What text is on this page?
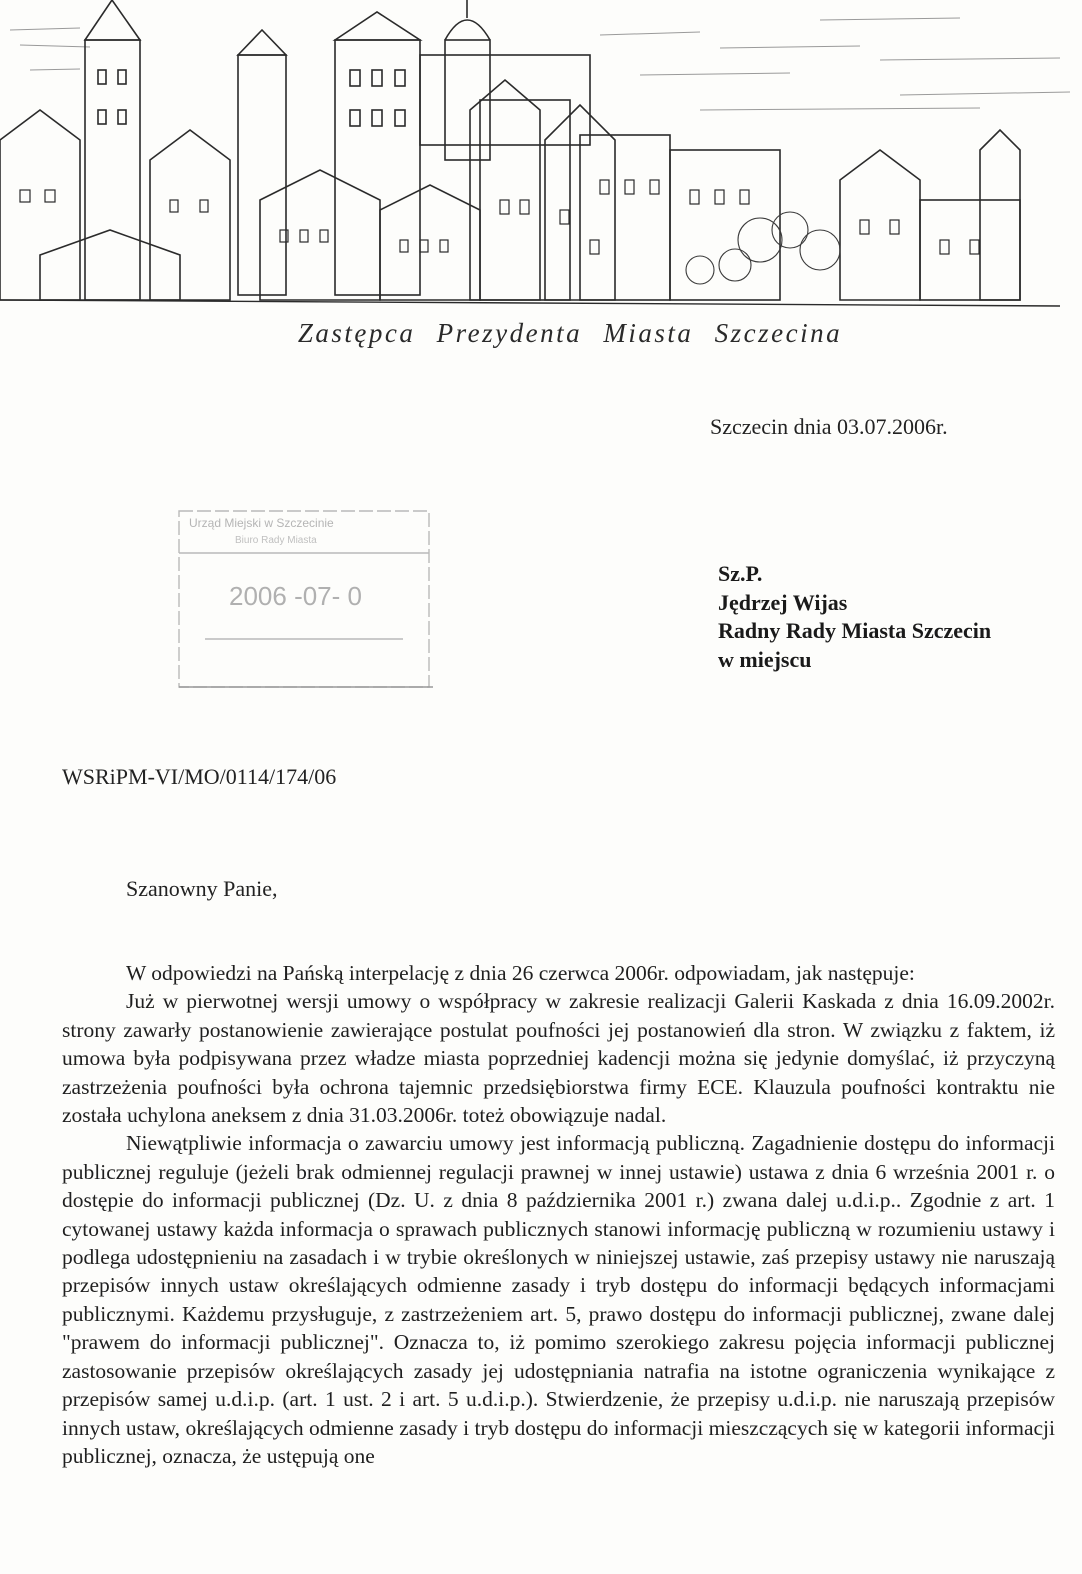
Zastępca Prezydenta Miasta Szczecina
Szczecin dnia 03.07.2006r.
Urząd Miejski w Szczecinie
Biuro Rady Miasta
2006 -07- 0
Sz.P.
Jędrzej Wijas
Radny Rady Miasta Szczecin
w miejscu
WSRiPM-VI/MO/0114/174/06
Szanowny Panie,

W odpowiedzi na Pańską interpelację z dnia 26 czerwca 2006r. odpowiadam, jak następuje:

Już w pierwotnej wersji umowy o współpracy w zakresie realizacji Galerii Kaskada z dnia 16.09.2002r. strony zawarły postanowienie zawierające postulat poufności jej postanowień dla stron. W związku z faktem, iż umowa była podpisywana przez władze miasta poprzedniej kadencji można się jedynie domyślać, iż przyczyną zastrzeżenia poufności była ochrona tajemnic przedsiębiorstwa firmy ECE. Klauzula poufności kontraktu nie została uchylona aneksem z dnia 31.03.2006r. toteż obowiązuje nadal.

Niewątpliwie informacja o zawarciu umowy jest informacją publiczną. Zagadnienie dostępu do informacji publicznej reguluje (jeżeli brak odmiennej regulacji prawnej w innej ustawie) ustawa z dnia 6 września 2001 r. o dostępie do informacji publicznej (Dz. U. z dnia 8 października 2001 r.) zwana dalej u.d.i.p.. Zgodnie z art. 1 cytowanej ustawy każda informacja o sprawach publicznych stanowi informację publiczną w rozumieniu ustawy i podlega udostępnieniu na zasadach i w trybie określonych w niniejszej ustawie, zaś przepisy ustawy nie naruszają przepisów innych ustaw określających odmienne zasady i tryb dostępu do informacji będących informacjami publicznymi. Każdemu przysługuje, z zastrzeżeniem art. 5, prawo dostępu do informacji publicznej, zwane dalej "prawem do informacji publicznej". Oznacza to, iż pomimo szerokiego zakresu pojęcia informacji publicznej zastosowanie przepisów określających zasady jej udostępniania natrafia na istotne ograniczenia wynikające z przepisów samej u.d.i.p. (art. 1 ust. 2 i art. 5 u.d.i.p.). Stwierdzenie, że przepisy u.d.i.p. nie naruszają przepisów innych ustaw, określających odmienne zasady i tryb dostępu do informacji mieszczących się w kategorii informacji publicznej, oznacza, że ustępują one
